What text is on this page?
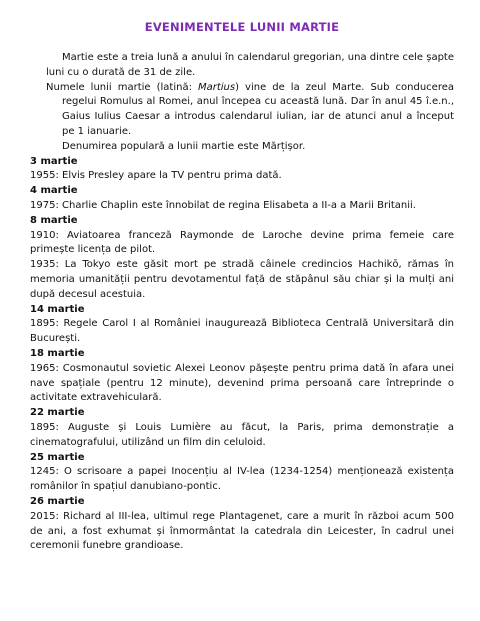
EVENIMENTELE LUNII MARTIE

Martie este a treia lună a anului în calendarul gregorian, una dintre cele șapte luni cu o durată de 31 de zile.

Numele lunii martie (latină: Martius) vine de la zeul Marte. Sub conducerea regelui Romulus al Romei, anul începea cu această lună. Dar în anul 45 î.e.n., Gaius Iulius Caesar a introdus calendarul iulian, iar de atunci anul a început pe 1 ianuarie.

Denumirea populară a lunii martie este Mărțișor.

3 martie
1955: Elvis Presley apare la TV pentru prima dată.
4 martie
1975: Charlie Chaplin este înnobilat de regina Elisabeta a II-a a Marii Britanii.
8 martie
1910: Aviatoarea franceză Raymonde de Laroche devine prima femeie care primește licența de pilot.
1935: La Tokyo este găsit mort pe stradă câinele credincios Hachikō, rămas în memoria umanității pentru devotamentul față de stăpânul său chiar și la mulți ani după decesul acestuia.
14 martie
1895: Regele Carol I al României inaugurează Biblioteca Centrală Universitară din București.
18 martie
1965: Cosmonautul sovietic Alexei Leonov pășește pentru prima dată în afara unei nave spațiale (pentru 12 minute), devenind prima persoană care întreprinde o activitate extravehiculară.
22 martie
1895: Auguste și Louis Lumière au făcut, la Paris, prima demonstrație a cinematografului, utilizând un film din celuloid.
25 martie
1245: O scrisoare a papei Inocențiu al IV-lea (1234-1254) menționează existența românilor în spațiul danubiano-pontic.
26 martie
2015: Richard al III-lea, ultimul rege Plantagenet, care a murit în război acum 500 de ani, a fost exhumat și înmormântat la catedrala din Leicester, în cadrul unei ceremonii funebre grandioase.
